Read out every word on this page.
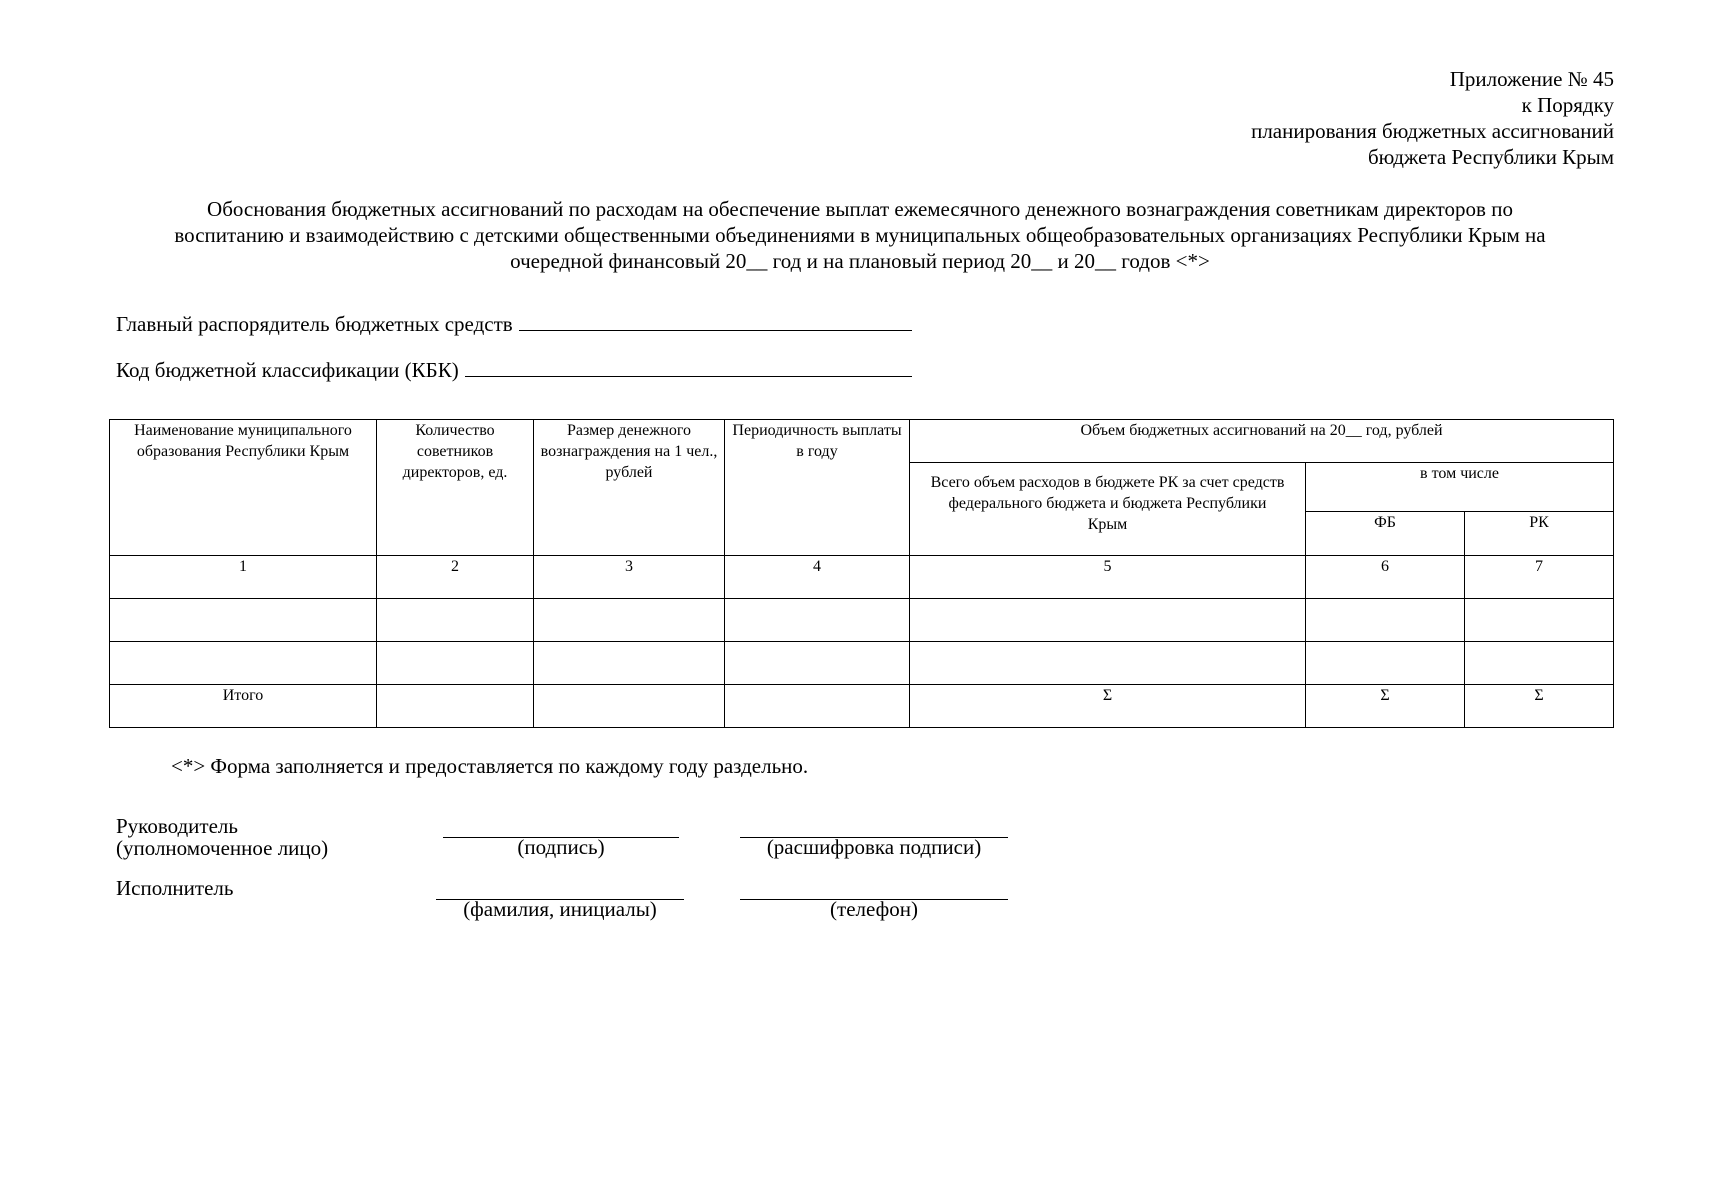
Приложение № 45
к Порядку
планирования бюджетных ассигнований
бюджета Республики Крым
Обоснования бюджетных ассигнований по расходам на обеспечение выплат ежемесячного денежного вознаграждения советникам директоров по
воспитанию и взаимодействию с детскими общественными объединениями в муниципальных общеобразовательных организациях Республики Крым на
очередной финансовый 20__ год и на плановый период 20__ и 20__ годов <*>
Главный распорядитель бюджетных средств
Код бюджетной классификации (КБК)
Наименование муниципального образования Республики Крым	Количество советников директоров, ед.	Размер денежного вознаграждения на 1 чел., рублей	Периодичность выплаты в году	Объем бюджетных ассигнований на 20__ год, рублей		
				Всего объем расходов в бюджете РК за счет средств федерального бюджета и бюджета Республики Крым	в том числе	
					ФБ	РК
1	2	3	4	5	6	7

Итого				Σ	Σ	Σ
<*> Форма заполняется и предоставляется по каждому году раздельно.
Руководитель
(уполномоченное лицо)	(подпись)	(расшифровка подписи)
Исполнитель
(фамилия, инициалы)	(телефон)
